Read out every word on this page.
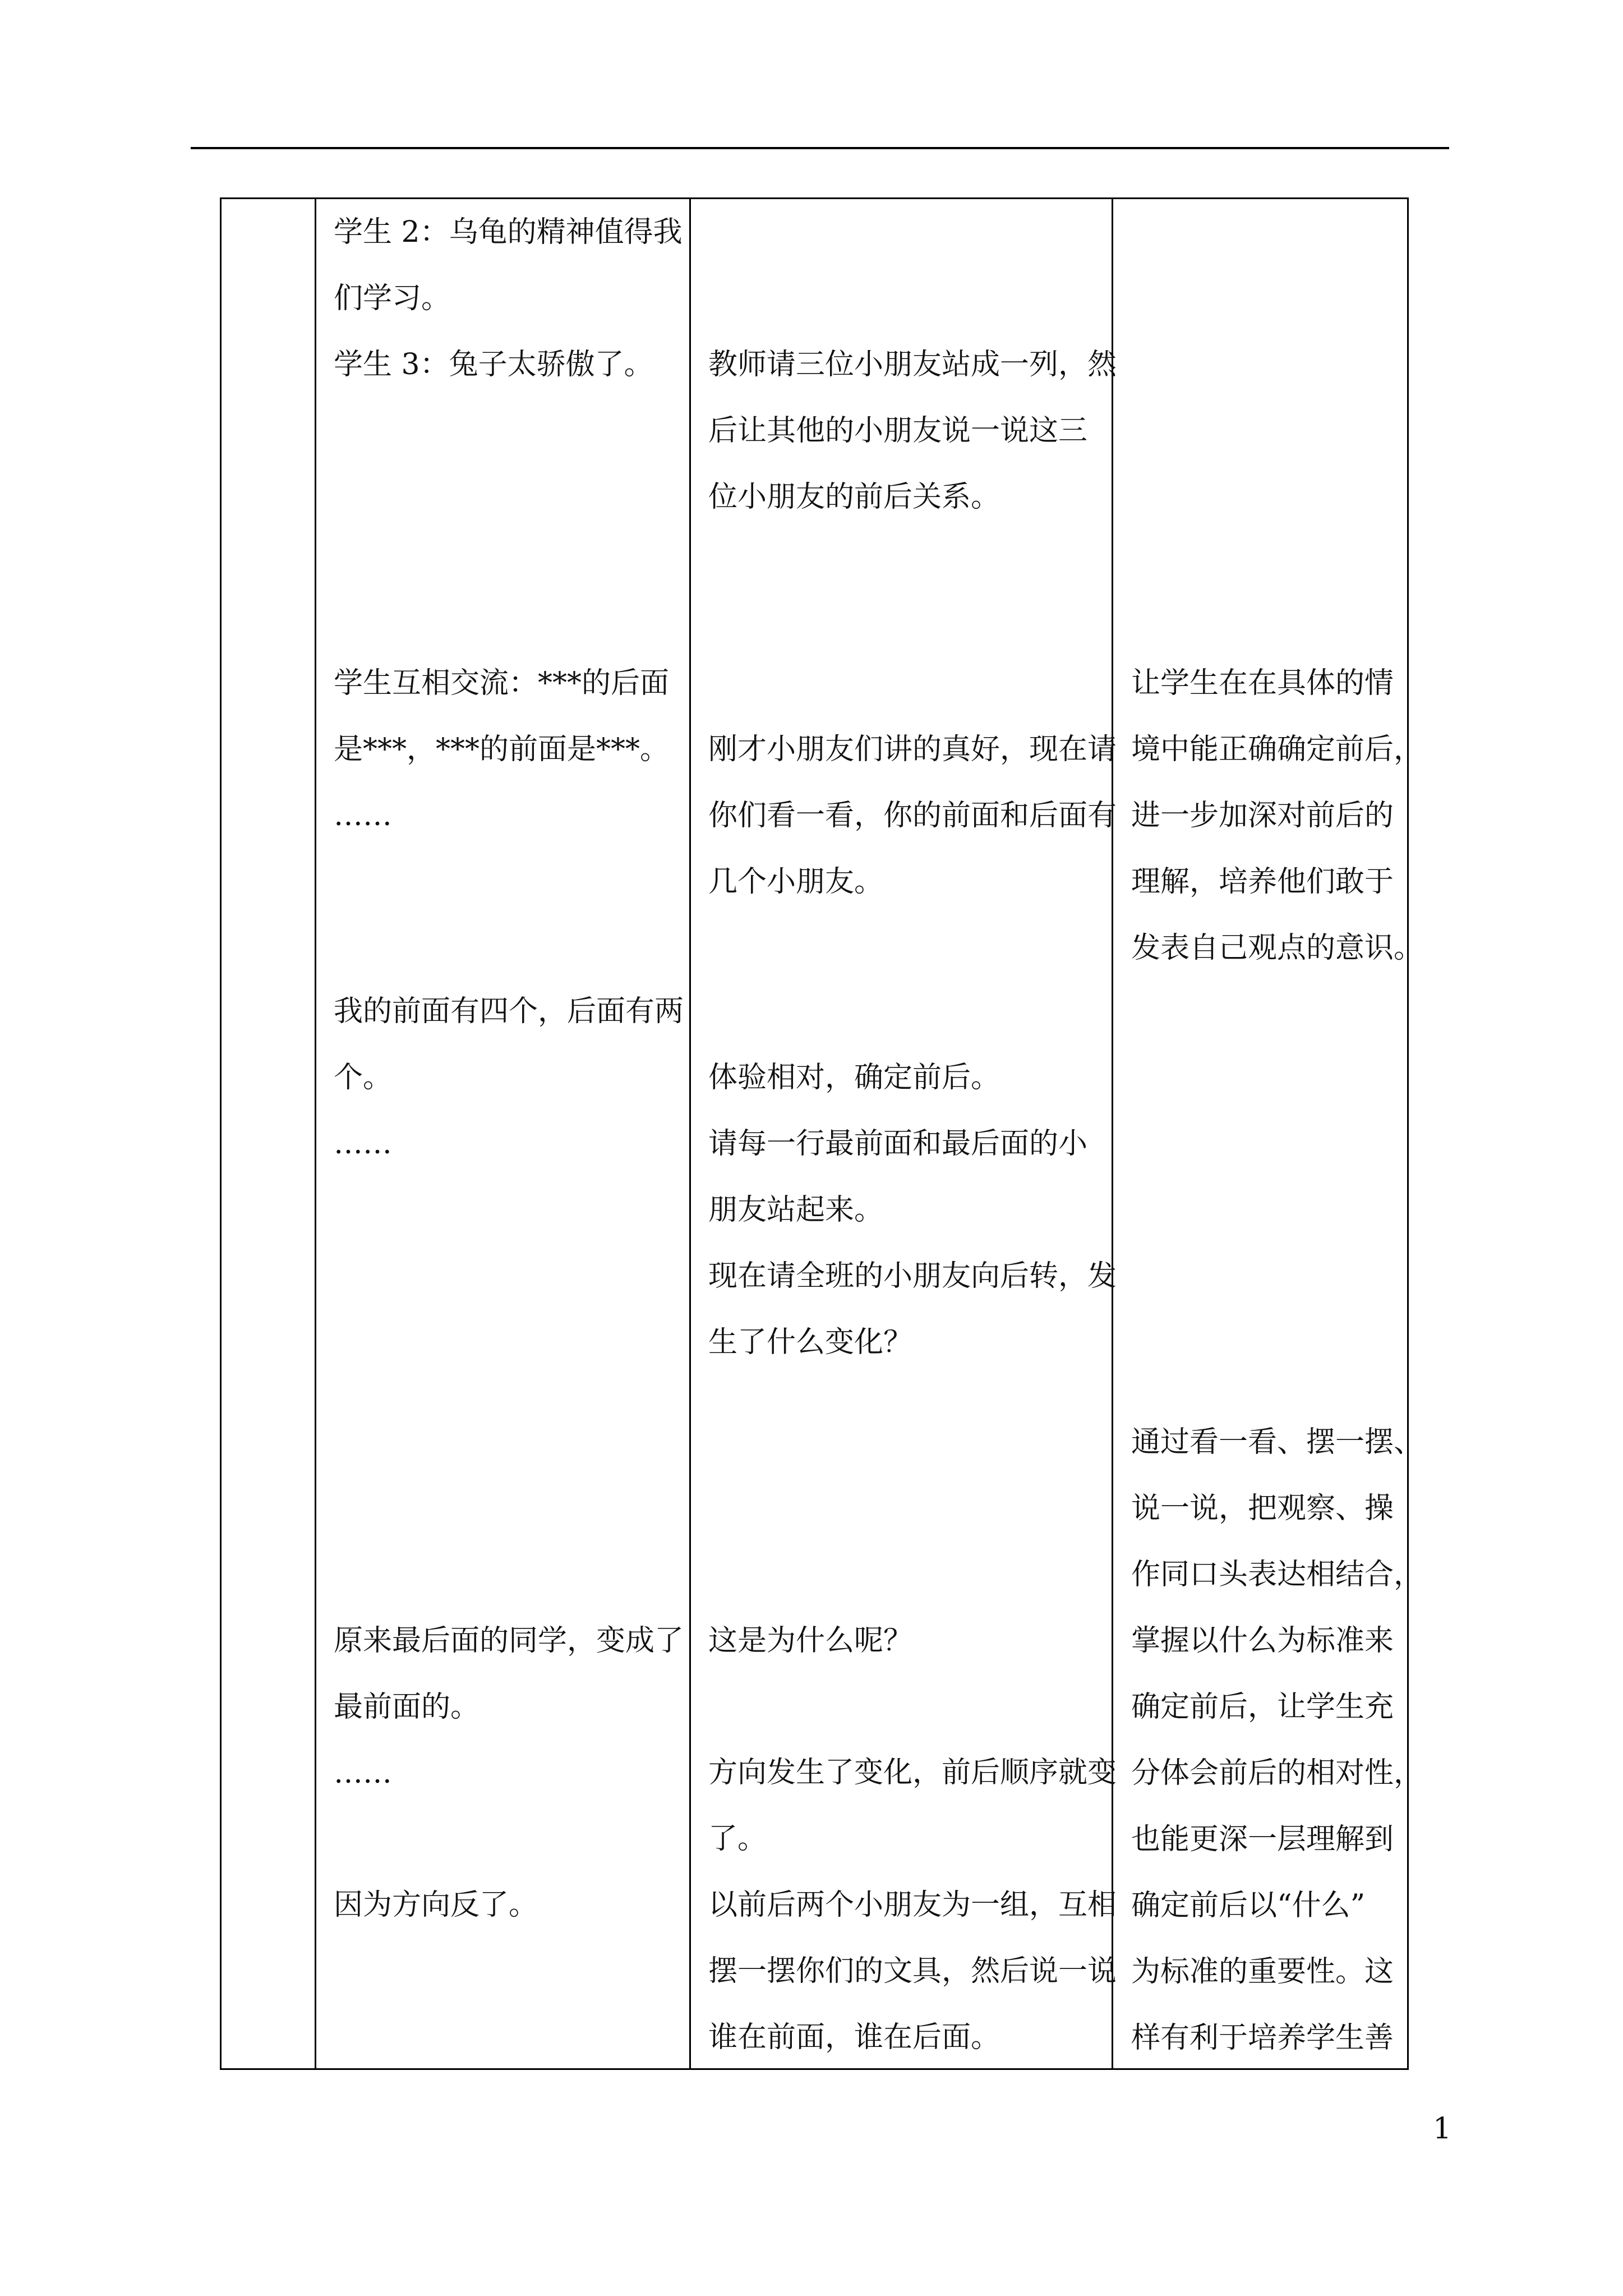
学生 2：乌龟的精神值得我
们学习。
学生 3：兔子太骄傲了。
学生互相交流：***的后面
是***，***的前面是***。
……
我的前面有四个，后面有两
个。
……
原来最后面的同学，变成了
最前面的。
……
因为方向反了。
教师请三位小朋友站成一列，然
后让其他的小朋友说一说这三
位小朋友的前后关系。
刚才小朋友们讲的真好，现在请
你们看一看，你的前面和后面有
几个小朋友。
体验相对，确定前后。
请每一行最前面和最后面的小
朋友站起来。
现在请全班的小朋友向后转，发
生了什么变化？
这是为什么呢？
方向发生了变化，前后顺序就变
了。
以前后两个小朋友为一组，互相
摆一摆你们的文具，然后说一说
谁在前面，谁在后面。
让学生在在具体的情
境中能正确确定前后，
进一步加深对前后的
理解，培养他们敢于
发表自己观点的意识。
通过看一看、摆一摆、
说一说，把观察、操
作同口头表达相结合，
掌握以什么为标准来
确定前后，让学生充
分体会前后的相对性，
也能更深一层理解到
确定前后以“什么”
为标准的重要性。这
样有利于培养学生善
1
